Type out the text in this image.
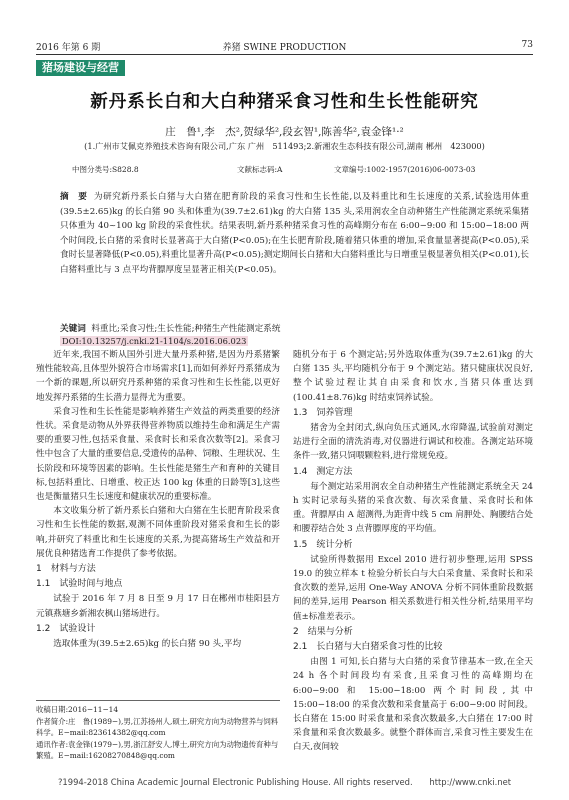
2016 年第 6 期	养猪 SWINE PRODUCTION	73
猪场建设与经营
新丹系长白和大白种猪采食习性和生长性能研究
庄　鲁¹,李　杰²,贺绿华²,段玄智¹,陈善华²,袁金锋¹·²
(1.广州市艾佩克养殖技术咨询有限公司,广东 广州　511493;2.新湘农生态科技有限公司,湖南 郴州　423000)
中图分类号:S828.8	文献标志码:A	文章编号:1002-1957(2016)06-0073-03
摘　要 为研究新丹系长白猪与大白猪在肥育阶段的采食习性和生长性能,以及料重比和生长速度的关系,试验选用体重(39.5±2.65)kg 的长白猪 90 头和体重为(39.7±2.61)kg 的大白猪 135 头,采用润农全自动种猪生产性能测定系统采集猪只体重为 40~100 kg 阶段的采食性状。结果表明,新丹系种猪采食习性的高峰期分布在 6:00−9:00 和 15:00−18:00 两个时间段,长白猪的采食时长显著高于大白猪(P<0.05);在生长肥育阶段,随着猪只体重的增加,采食量显著提高(P<0.05),采食时长显著降低(P<0.05),料重比显著升高(P<0.05);测定期间长白猪和大白猪料重比与日增重呈极显著负相关(P<0.01),长白猪料重比与 3 点平均背膘厚度呈显著正相关(P<0.05)。
关键词 料重比;采食习性;生长性能;种猪生产性能测定系统
DOI:10.13257/j.cnki.21-1104/s.2016.06.023

近年来,我国不断从国外引进大量丹系种猪,是因为丹系猪繁殖性能较高,且体型外貌符合市场需求[1],而如何养好丹系猪成为一个新的课题,所以研究丹系种猪的采食习性和生长性能,以更好地发挥丹系猪的生长潜力显得尤为重要。

采食习性和生长性能是影响养猪生产效益的两类重要的经济性状。采食是动物从外界获得营养物质以维持生命和满足生产需要的重要习性,包括采食量、采食时长和采食次数等[2]。采食习性中包含了大量的重要信息,受遗传的品种、饲粮、生理状况、生长阶段和环境等因素的影响。生长性能是猪生产和育种的关键目标,包括料重比、日增重、校正达 100 kg 体重的日龄等[3],这些也是衡量猪只生长速度和健康状况的重要标准。

本文收集分析了新丹系长白猪和大白猪在生长肥育阶段采食习性和生长性能的数据,观测不同体重阶段对猪采食和生长的影响,并研究了料重比和生长速度的关系,为提高猪场生产效益和开展优良种猪选育工作提供了参考依据。

1　材料与方法
1.1　试验时间与地点

试验于 2016 年 7 月 8 日至 9 月 17 日在郴州市桂阳县方元镇燕塘乡新湘农枫山猪场进行。

1.2　试验设计

选取体重为(39.5±2.65)kg 的长白猪 90 头,平均

随机分布于 6 个测定站;另外选取体重为(39.7±2.61)kg 的大白猪 135 头,平均随机分布于 9 个测定站。猪只健康状况良好,整个试验过程让其自由采食和饮水,当猪只体重达到(100.41±8.76)kg 时结束饲养试验。

1.3　饲养管理

猪舍为全封闭式,纵向负压式通风,水帘降温,试验前对测定站进行全面的清洗消毒,对仪器进行调试和校准。各测定站环境条件一致,猪只饲喂颗粒料,进行常规免疫。

1.4　测定方法

每个测定站采用润农全自动种猪生产性能测定系统全天 24 h 实时记录每头猪的采食次数、每次采食量、采食时长和体重。背膘厚由 A 超测得,为距背中线 5 cm 肩胛处、胸腰结合处和腰荐结合处 3 点背膘厚度的平均值。

1.5　统计分析

试验所得数据用 Excel 2010 进行初步整理,运用 SPSS 19.0 的独立样本 t 检验分析长白与大白采食量、采食时长和采食次数的差异,运用 One-Way ANOVA 分析不同体重阶段数据间的差异,运用 Pearson 相关系数进行相关性分析,结果用平均值±标准差表示。

2　结果与分析
2.1　长白猪与大白猪采食习性的比较

由图 1 可知,长白猪与大白猪的采食节律基本一致,在全天 24 h 各个时间段均有采食,且采食习性的高峰期均在 6:00−9:00 和 15:00−18:00 两个时间段,其中 15:00−18:00 的采食次数和采食量高于 6:00−9:00 时间段。长白猪在 15:00 时采食量和采食次数最多,大白猪在 17:00 时采食量和采食次数最多。就整个群体而言,采食习性主要发生在白天,夜间较

收稿日期:2016−11−14
作者简介:庄　鲁(1989−),男,江苏扬州人,硕士,研究方向为动物营养与饲料科学。E−mail:823614382@qq.com
通讯作者:袁金锋(1979−),男,浙江舒安人,博士,研究方向为动物遗传育种与繁殖。E−mail:16208270848@qq.com
?1994-2018 China Academic Journal Electronic Publishing House. All rights reserved.　　http://www.cnki.net
